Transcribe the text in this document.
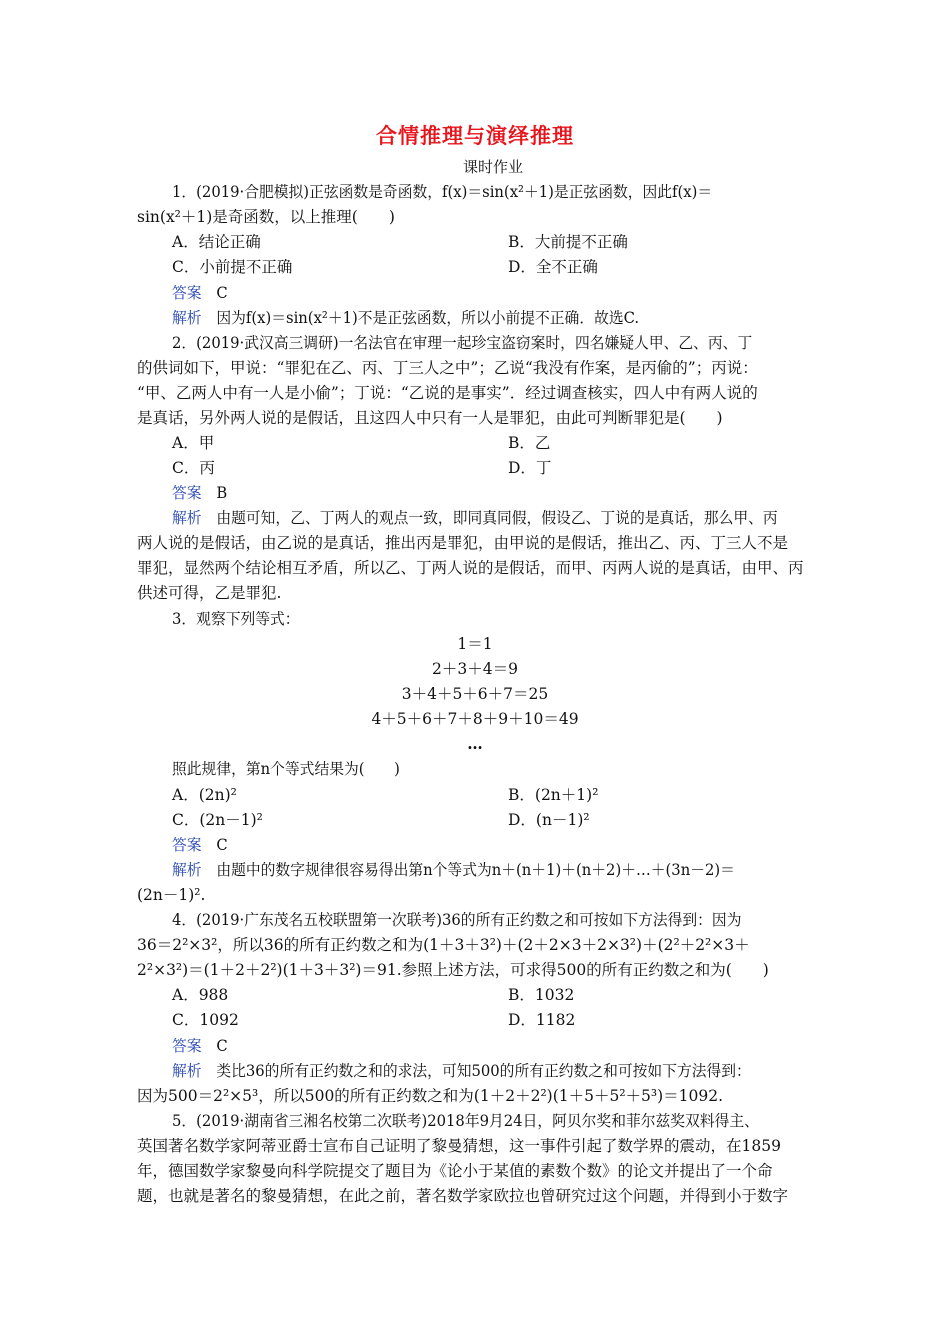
合情推理与演绎推理
课时作业
1．(2019·合肥模拟)正弦函数是奇函数，f(x)＝sin(x²＋1)是正弦函数，因此f(x)＝
sin(x²＋1)是奇函数，以上推理(　　)
A．结论正确	B．大前提不正确
C．小前提不正确	D．全不正确
答案　 C
解析　 因为f(x)＝sin(x²＋1)不是正弦函数，所以小前提不正确．故选C.
2．(2019·武汉高三调研)一名法官在审理一起珍宝盗窃案时，四名嫌疑人甲、乙、丙、丁
的供词如下，甲说：“罪犯在乙、丙、丁三人之中”；乙说“我没有作案，是丙偷的”；丙说：
“甲、乙两人中有一人是小偷”；丁说：“乙说的是事实”．经过调查核实，四人中有两人说的
是真话，另外两人说的是假话，且这四人中只有一人是罪犯，由此可判断罪犯是(　　)
A．甲	B．乙
C．丙	D．丁
答案　 B
解析　 由题可知，乙、丁两人的观点一致，即同真同假，假设乙、丁说的是真话，那么甲、丙
两人说的是假话，由乙说的是真话，推出丙是罪犯，由甲说的是假话，推出乙、丙、丁三人不是
罪犯，显然两个结论相互矛盾，所以乙、丁两人说的是假话，而甲、丙两人说的是真话，由甲、丙
供述可得，乙是罪犯.
3．观察下列等式：
1＝1
2＋3＋4＝9
3＋4＋5＋6＋7＝25
4＋5＋6＋7＋8＋9＋10＝49
…
照此规律，第n个等式结果为(　　)
A．(2n)²	B．(2n＋1)²
C．(2n－1)²	D．(n－1)²
答案　 C
解析　 由题中的数字规律很容易得出第n个等式为n＋(n＋1)＋(n＋2)＋…＋(3n－2)＝
(2n－1)².
4．(2019·广东茂名五校联盟第一次联考)36的所有正约数之和可按如下方法得到：因为
36＝2²×3²，所以36的所有正约数之和为(1＋3＋3²)＋(2＋2×3＋2×3²)＋(2²＋2²×3＋
2²×3²)＝(1＋2＋2²)(1＋3＋3²)＝91.参照上述方法，可求得500的所有正约数之和为(　　)
A．988	B．1032
C．1092	D．1182
答案　 C
解析　 类比36的所有正约数之和的求法，可知500的所有正约数之和可按如下方法得到：
因为500＝2²×5³，所以500的所有正约数之和为(1＋2＋2²)(1＋5＋5²＋5³)＝1092.
5．(2019·湖南省三湘名校第二次联考)2018年9月24日，阿贝尔奖和菲尔兹奖双料得主、
英国著名数学家阿蒂亚爵士宣布自己证明了黎曼猜想，这一事件引起了数学界的震动，在1859
年，德国数学家黎曼向科学院提交了题目为《论小于某值的素数个数》的论文并提出了一个命
题，也就是著名的黎曼猜想，在此之前，著名数学家欧拉也曾研究过这个问题，并得到小于数字
